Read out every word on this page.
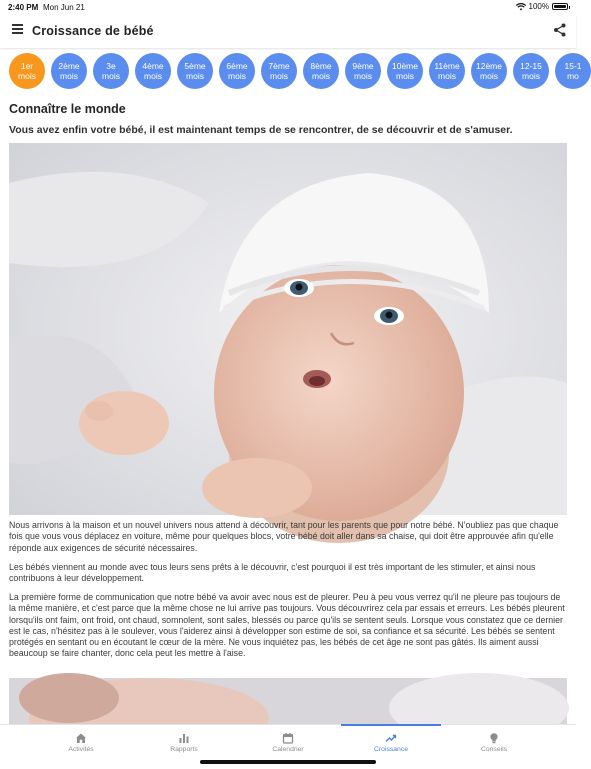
2:40 PM Mon Jun 21	100%
Croissance de bébé
1er
mois
2ème
mois
3e
mois
4ème
mois
5ème
mois
6ème
mois
7ème
mois
8ème
mois
9ème
mois
10ème
mois
11ème
mois
12ème
mois
12-15
mois
15-1
mo
Connaître le monde
Vous avez enfin votre bébé, il est maintenant temps de se rencontrer, de se découvrir et de s'amuser.

Nous arrivons à la maison et un nouvel univers nous attend à découvrir, tant pour les parents que pour notre bébé. N'oubliez pas que chaque fois que vous vous déplacez en voiture, même pour quelques blocs, votre bébé doit aller dans sa chaise, qui doit être approuvée afin qu'elle réponde aux exigences de sécurité nécessaires.

Les bébés viennent au monde avec tous leurs sens prêts à le découvrir, c'est pourquoi il est très important de les stimuler, et ainsi nous contribuons à leur développement.

La première forme de communication que notre bébé va avoir avec nous est de pleurer. Peu à peu vous verrez qu'il ne pleure pas toujours de la même manière, et c'est parce que la même chose ne lui arrive pas toujours. Vous découvrirez cela par essais et erreurs. Les bébés pleurent lorsqu'ils ont faim, ont froid, ont chaud, somnolent, sont sales, blessés ou parce qu'ils se sentent seuls. Lorsque vous constatez que ce dernier est le cas, n'hésitez pas à le soulever, vous l'aiderez ainsi à développer son estime de soi, sa confiance et sa sécurité. Les bébés se sentent protégés en sentant ou en écoutant le cœur de la mère. Ne vous inquiétez pas, les bébés de cet âge ne sont pas gâtés. Ils aiment aussi beaucoup se faire chanter, donc cela peut les mettre à l'aise.

Activités	Rapports	Calendrier	Croissance	Conseils
